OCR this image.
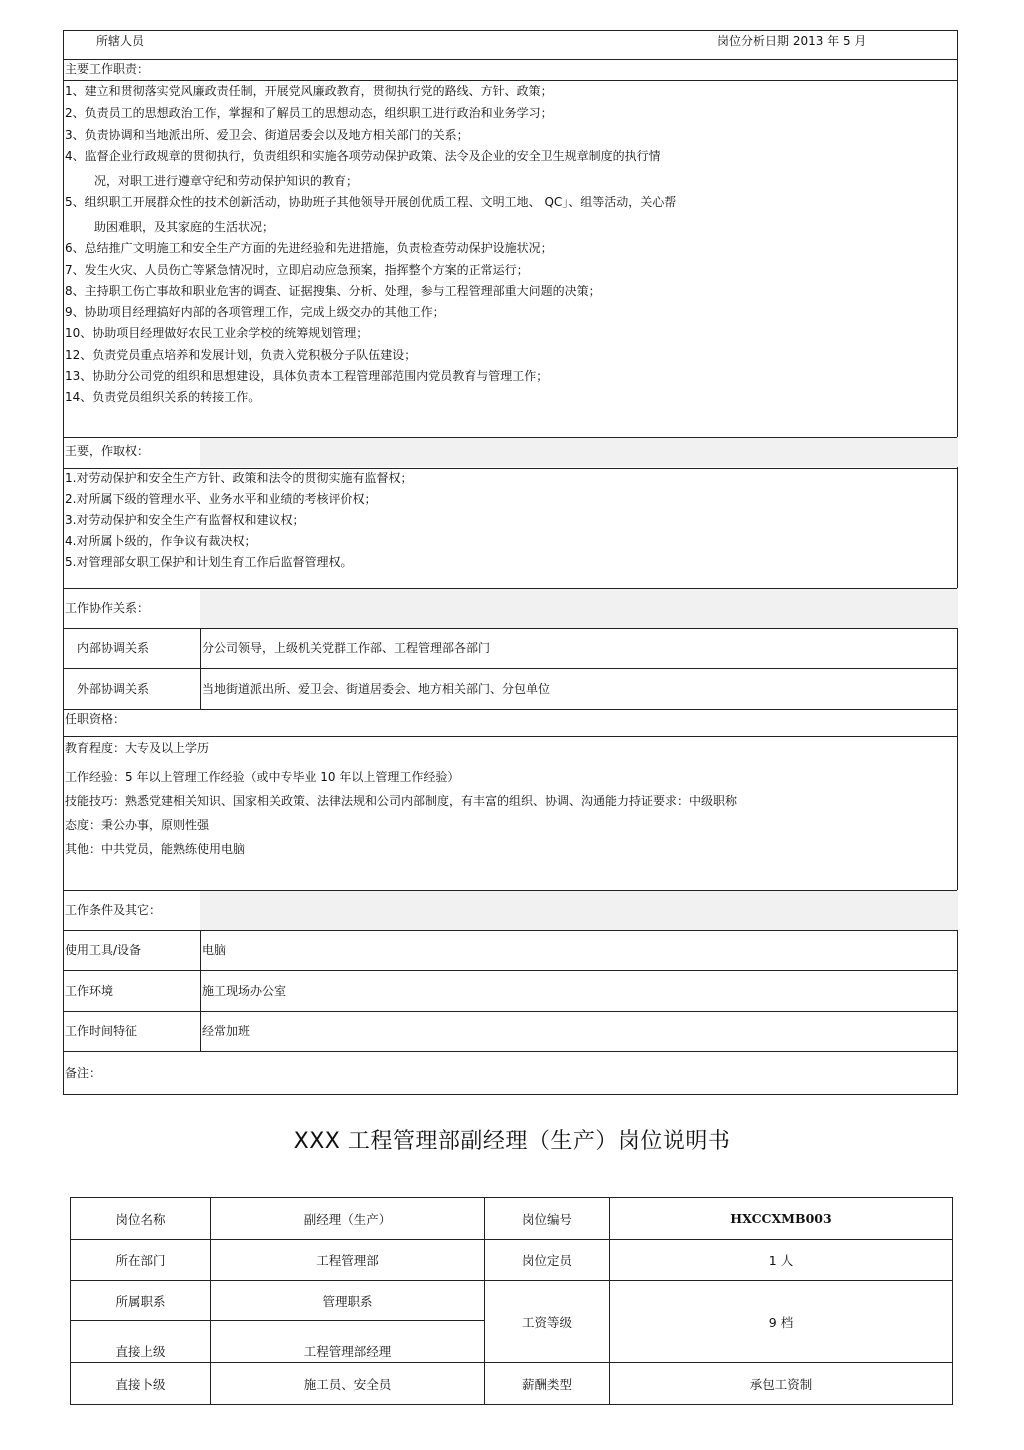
所辖人员	岗位分析日期 2013 年 5 月
主要工作职责：
1、建立和贯彻落实党风廉政责任制，开展党风廉政教育，贯彻执行党的路线、方针、政策；
2、负责员工的思想政治工作，掌握和了解员工的思想动态，组织职工进行政治和业务学习；
3、负责协调和当地派出所、爱卫会、街道居委会以及地方相关部门的关系；
4、监督企业行政规章的贯彻执行，负责组织和实施各项劳动保护政策、法令及企业的安全卫生规章制度的执行情
况，对职工进行遵章守纪和劳动保护知识的教育；
5、组织职工开展群众性的技术创新活动，协助班子其他领导开展创优质工程、文明工地、 QC」、组等活动，关心帮
助困难职，及其家庭的生活状况；
6、总结推广文明施工和安全生产方面的先进经验和先进措施，负责检查劳动保护设施状况；
7、发生火灾、人员伤亡等紧急情况时，立即启动应急预案，指挥整个方案的正常运行；
8、主持职工伤亡事故和职业危害的调查、证据搜集、分析、处理，参与工程管理部重大问题的决策；
9、协助项目经理搞好内部的各项管理工作，完成上级交办的其他工作；
10、协助项目经理做好农民工业余学校的统筹规划管理；
12、负责党员重点培养和发展计划，负责入党积极分子队伍建设；
13、协助分公司党的组织和思想建设，具体负责本工程管理部范围内党员教育与管理工作；
14、负责党员组织关系的转接工作。
王要，作取权：
1.对劳动保护和安全生产方针、政策和法令的贯彻实施有监督权；
2.对所属下级的管理水平、业务水平和业绩的考核评价权；
3.对劳动保护和安全生产有监督权和建议权；
4.对所属卜级的，作争议有裁决权；
5.对管理部女职工保护和计划生育工作后监督管理权。
工作协作关系：
内部协调关系	分公司领导，上级机关党群工作部、工程管理部各部门
外部协调关系	当地街道派出所、爱卫会、街道居委会、地方相关部门、分包单位
任职资格：
教育程度：大专及以上学历
工作经验：5 年以上管理工作经验（或中专毕业 10 年以上管理工作经验）
技能技巧：熟悉党建相关知识、国家相关政策、法律法规和公司内部制度，有丰富的组织、协调、沟通能力持证要求：中级职称
态度：秉公办事，原则性强
其他：中共党员，能熟练使用电脑
工作条件及其它：
使用工具/设备	电脑
工作环境	施工现场办公室
工作时间特征	经常加班
备注：
XXX 工程管理部副经理（生产）岗位说明书
岗位名称	副经理（生产）	岗位编号	HXCCXMB003
所在部门	工程管理部	岗位定员	1 人
所属职系	管理职系	工资等级	9 档
直接上级	工程管理部经理		
直接卜级	施工员、安全员	薪酬类型	承包工资制
